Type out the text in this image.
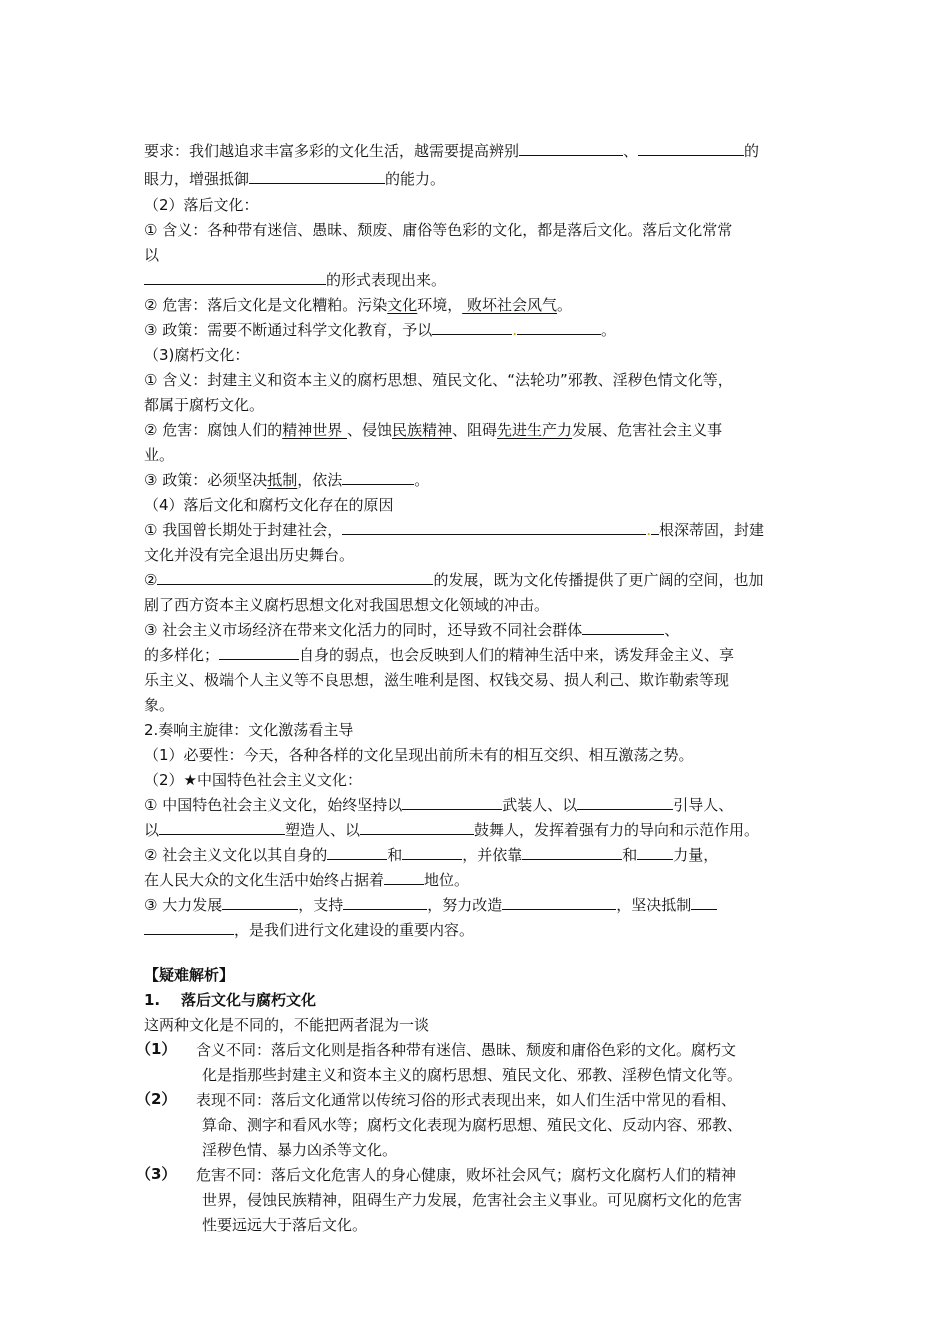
要求：我们越追求丰富多彩的文化生活，越需要提高辨别	、	的
眼力，增强抵御	的能力。
（2）落后文化：
① 含义：各种带有迷信、愚昧、颓废、庸俗等色彩的文化，都是落后文化。落后文化常常
以
的形式表现出来。
② 危害：落后文化是文化糟粕。污染文化环境， 败坏社会风气。
③ 政策：需要不断通过科学文化教育，予以	.	。
（3)腐朽文化：
① 含义：封建主义和资本主义的腐朽思想、殖民文化、“法轮功”邪教、淫秽色情文化等，
都属于腐朽文化。
② 危害：腐蚀人们的精神世界 、侵蚀民族精神、阻碍先进生产力发展、危害社会主义事
业。
③ 政策：必须坚决抵制，依法	。
（4）落后文化和腐朽文化存在的原因
① 我国曾长期处于封建社会，	. 根深蒂固，封建
文化并没有完全退出历史舞台。
②	的发展，既为文化传播提供了更广阔的空间，也加
剧了西方资本主义腐朽思想文化对我国思想文化领域的冲击。
③ 社会主义市场经济在带来文化活力的同时，还导致不同社会群体	、
的多样化；	自身的弱点，也会反映到人们的精神生活中来，诱发拜金主义、享
乐主义、极端个人主义等不良思想，滋生唯利是图、权钱交易、损人利己、欺诈勒索等现
象。
2.奏响主旋律：文化激荡看主导
（1）必要性：今天，各种各样的文化呈现出前所未有的相互交织、相互激荡之势。
（2）★中国特色社会主义文化：
① 中国特色社会主义文化，始终坚持以	武装人、以	引导人、
以	塑造人、以	鼓舞人，发挥着强有力的导向和示范作用。
② 社会主义文化以其自身的	和	，并依靠	和 力量，
在人民大众的文化生活中始终占据着	地位。
③ 大力发展	，支持	，努力改造	，坚决抵制
，是我们进行文化建设的重要内容。
【疑难解析】
1. 落后文化与腐朽文化
这两种文化是不同的，不能把两者混为一谈
（1） 含义不同：落后文化则是指各种带有迷信、愚昧、颓废和庸俗色彩的文化。腐朽文
化是指那些封建主义和资本主义的腐朽思想、殖民文化、邪教、淫秽色情文化等。
（2） 表现不同：落后文化通常以传统习俗的形式表现出来，如人们生活中常见的看相、
算命、测字和看风水等；腐朽文化表现为腐朽思想、殖民文化、反动内容、邪教、
淫秽色情、暴力凶杀等文化。
（3） 危害不同：落后文化危害人的身心健康，败坏社会风气；腐朽文化腐朽人们的精神
世界，侵蚀民族精神，阻碍生产力发展，危害社会主义事业。可见腐朽文化的危害
性要远远大于落后文化。
